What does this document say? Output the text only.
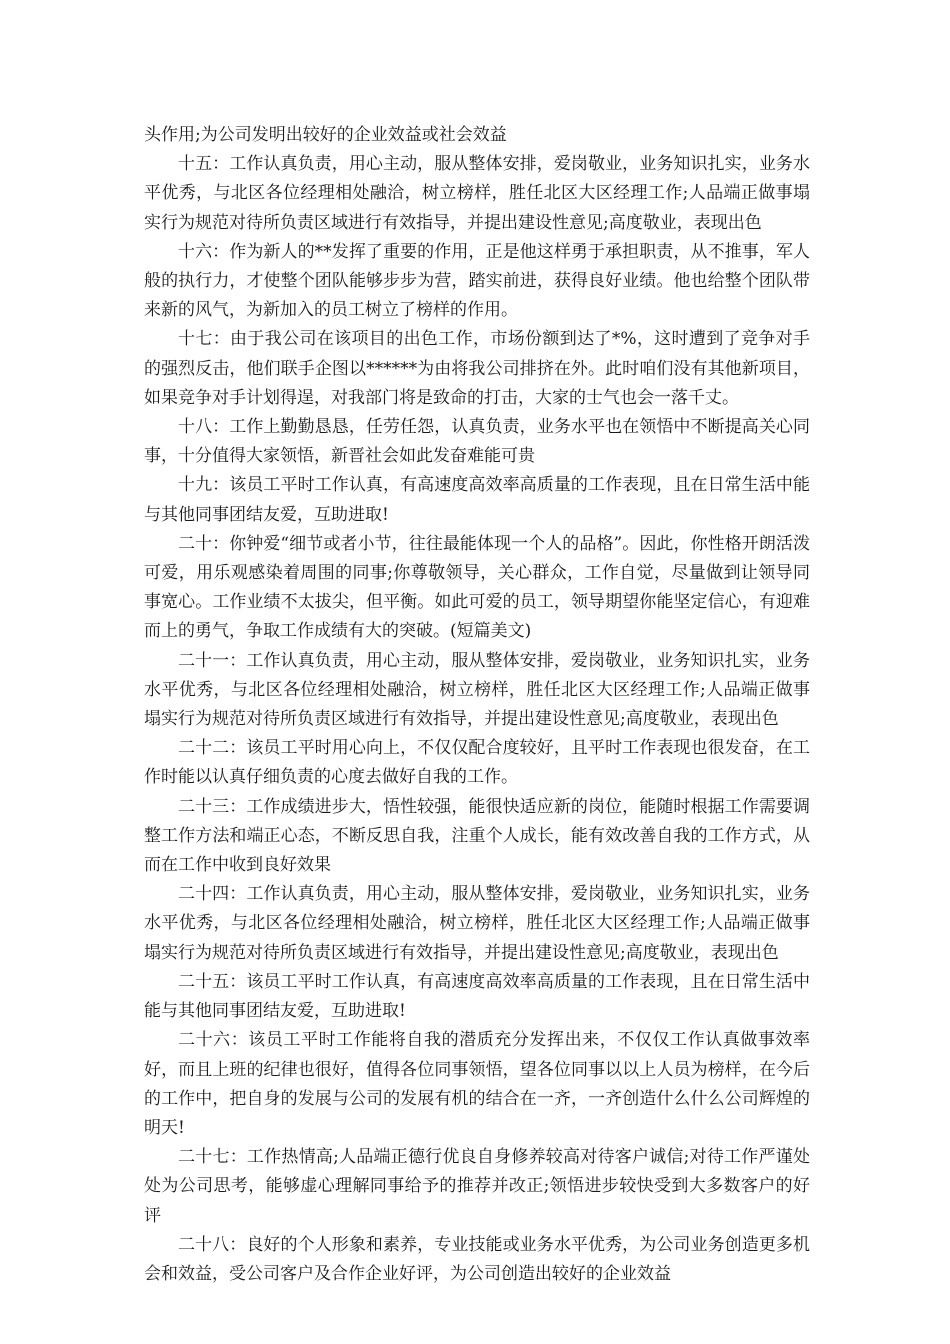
头作用;为公司发明出较好的企业效益或社会效益

十五：工作认真负责，用心主动，服从整体安排，爱岗敬业，业务知识扎实，业务水平优秀，与北区各位经理相处融洽，树立榜样，胜任北区大区经理工作;人品端正做事塌实行为规范对待所负责区域进行有效指导，并提出建设性意见;高度敬业，表现出色

十六：作为新人的**发挥了重要的作用，正是他这样勇于承担职责，从不推事，军人般的执行力，才使整个团队能够步步为营，踏实前进，获得良好业绩。他也给整个团队带来新的风气，为新加入的员工树立了榜样的作用。

十七：由于我公司在该项目的出色工作，市场份额到达了*%，这时遭到了竞争对手的强烈反击，他们联手企图以******为由将我公司排挤在外。此时咱们没有其他新项目，如果竞争对手计划得逞，对我部门将是致命的打击，大家的士气也会一落千丈。

十八：工作上勤勤恳恳，任劳任怨，认真负责，业务水平也在领悟中不断提高关心同事，十分值得大家领悟，新晋社会如此发奋难能可贵

十九：该员工平时工作认真，有高速度高效率高质量的工作表现，且在日常生活中能与其他同事团结友爱，互助进取!

二十：你钟爱“细节或者小节，往往最能体现一个人的品格”。因此，你性格开朗活泼可爱，用乐观感染着周围的同事;你尊敬领导，关心群众，工作自觉，尽量做到让领导同事宽心。工作业绩不太拔尖，但平衡。如此可爱的员工，领导期望你能坚定信心，有迎难而上的勇气，争取工作成绩有大的突破。(短篇美文)

二十一：工作认真负责，用心主动，服从整体安排，爱岗敬业，业务知识扎实，业务水平优秀，与北区各位经理相处融洽，树立榜样，胜任北区大区经理工作;人品端正做事塌实行为规范对待所负责区域进行有效指导，并提出建设性意见;高度敬业，表现出色

二十二：该员工平时用心向上，不仅仅配合度较好，且平时工作表现也很发奋，在工作时能以认真仔细负责的心度去做好自我的工作。

二十三：工作成绩进步大，悟性较强，能很快适应新的岗位，能随时根据工作需要调整工作方法和端正心态，不断反思自我，注重个人成长，能有效改善自我的工作方式，从而在工作中收到良好效果

二十四：工作认真负责，用心主动，服从整体安排，爱岗敬业，业务知识扎实，业务水平优秀，与北区各位经理相处融洽，树立榜样，胜任北区大区经理工作;人品端正做事塌实行为规范对待所负责区域进行有效指导，并提出建设性意见;高度敬业，表现出色

二十五：该员工平时工作认真，有高速度高效率高质量的工作表现，且在日常生活中能与其他同事团结友爱，互助进取!

二十六：该员工平时工作能将自我的潜质充分发挥出来，不仅仅工作认真做事效率好，而且上班的纪律也很好，值得各位同事领悟，望各位同事以以上人员为榜样，在今后的工作中，把自身的发展与公司的发展有机的结合在一齐，一齐创造什么什么公司辉煌的明天!

二十七：工作热情高;人品端正德行优良自身修养较高对待客户诚信;对待工作严谨处处为公司思考，能够虚心理解同事给予的推荐并改正;领悟进步较快受到大多数客户的好评

二十八：良好的个人形象和素养，专业技能或业务水平优秀，为公司业务创造更多机会和效益，受公司客户及合作企业好评，为公司创造出较好的企业效益
